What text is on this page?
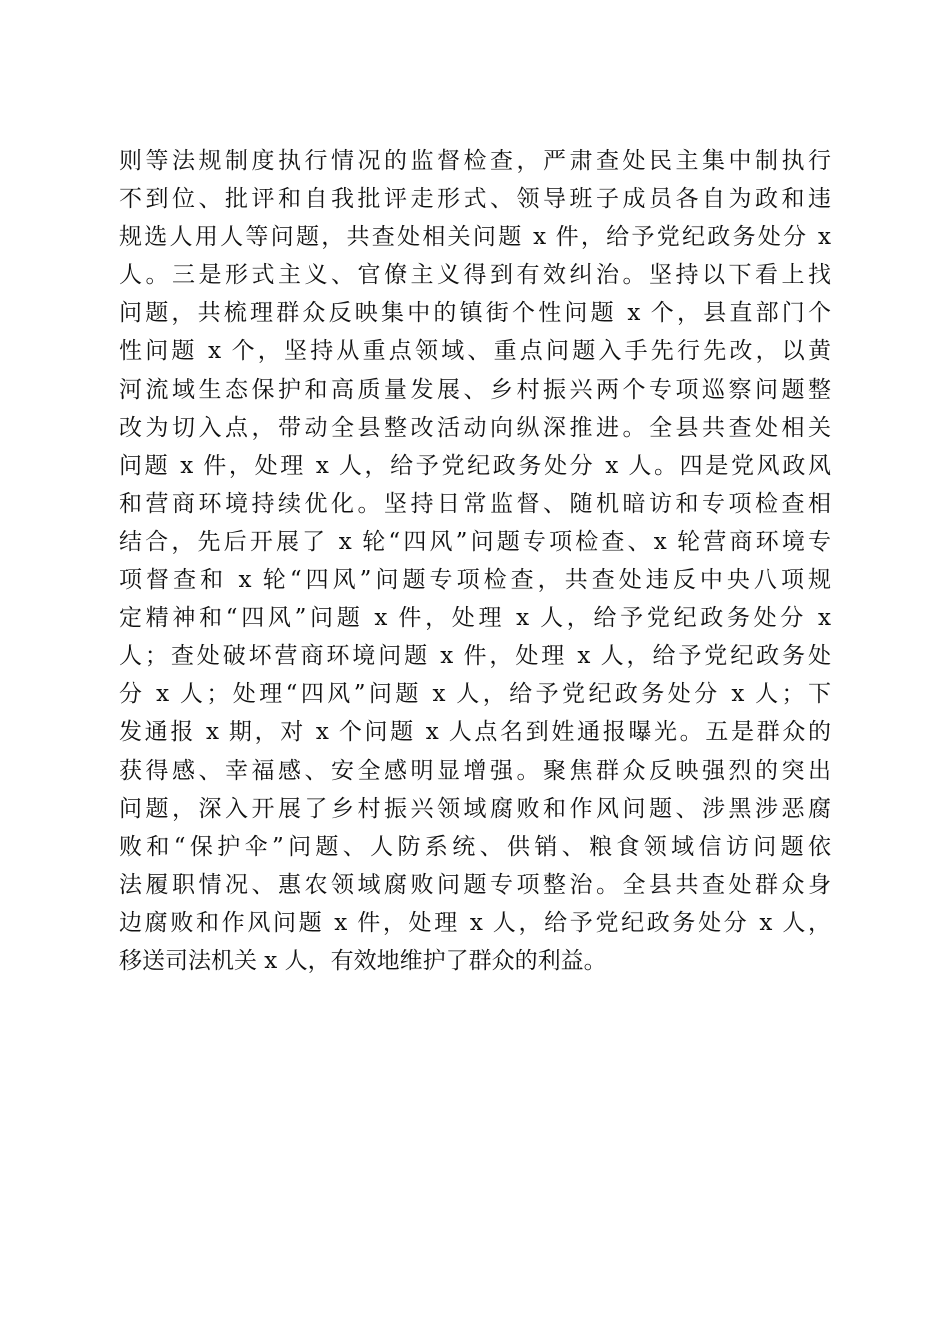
则等法规制度执行情况的监督检查，严肃查处民主集中制执行
不到位、批评和自我批评走形式、领导班子成员各自为政和违
规选人用人等问题，共查处相关问题 x 件，给予党纪政务处分 x
人。三是形式主义、官僚主义得到有效纠治。坚持以下看上找
问题，共梳理群众反映集中的镇街个性问题 x 个，县直部门个
性问题 x 个，坚持从重点领域、重点问题入手先行先改，以黄
河流域生态保护和高质量发展、乡村振兴两个专项巡察问题整
改为切入点，带动全县整改活动向纵深推进。全县共查处相关
问题 x 件，处理 x 人，给予党纪政务处分 x 人。四是党风政风
和营商环境持续优化。坚持日常监督、随机暗访和专项检查相
结合，先后开展了 x 轮“四风”问题专项检查、x 轮营商环境专
项督查和 x 轮“四风”问题专项检查，共查处违反中央八项规
定精神和“四风”问题 x 件，处理 x 人，给予党纪政务处分 x
人；查处破坏营商环境问题 x 件，处理 x 人，给予党纪政务处
分 x 人；处理“四风”问题 x 人，给予党纪政务处分 x 人；下
发通报 x 期，对 x 个问题 x 人点名到姓通报曝光。五是群众的
获得感、幸福感、安全感明显增强。聚焦群众反映强烈的突出
问题，深入开展了乡村振兴领域腐败和作风问题、涉黑涉恶腐
败和“保护伞”问题、人防系统、供销、粮食领域信访问题依
法履职情况、惠农领域腐败问题专项整治。全县共查处群众身
边腐败和作风问题 x 件，处理 x 人，给予党纪政务处分 x 人，
移送司法机关 x 人，有效地维护了群众的利益。
